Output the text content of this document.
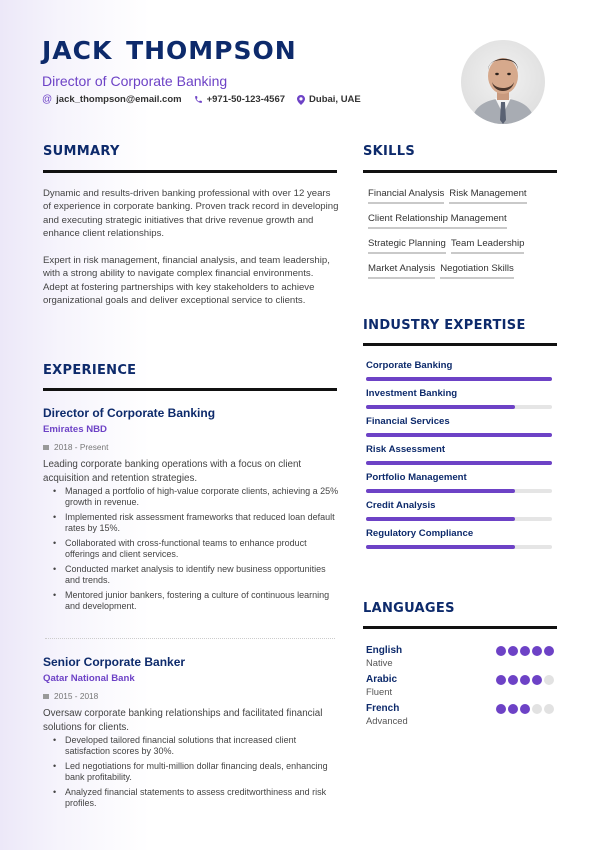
JACK THOMPSON
Director of Corporate Banking
@ jack_thompson@email.com	+971-50-123-4567	Dubai, UAE
SUMMARY
Dynamic and results-driven banking professional with over 12 years of experience in corporate banking. Proven track record in developing and executing strategic initiatives that drive revenue growth and enhance client relationships.
Expert in risk management, financial analysis, and team leadership, with a strong ability to navigate complex financial environments. Adept at fostering partnerships with key stakeholders to achieve organizational goals and deliver exceptional service to clients.
EXPERIENCE
Director of Corporate Banking
Emirates NBD
2018 - Present
Leading corporate banking operations with a focus on client acquisition and retention strategies.
• Managed a portfolio of high-value corporate clients, achieving a 25% growth in revenue.
• Implemented risk assessment frameworks that reduced loan default rates by 15%.
• Collaborated with cross-functional teams to enhance product offerings and client services.
• Conducted market analysis to identify new business opportunities and trends.
• Mentored junior bankers, fostering a culture of continuous learning and development.
Senior Corporate Banker
Qatar National Bank
2015 - 2018
Oversaw corporate banking relationships and facilitated financial solutions for clients.
• Developed tailored financial solutions that increased client satisfaction scores by 30%.
• Led negotiations for multi-million dollar financing deals, enhancing bank profitability.
• Analyzed financial statements to assess creditworthiness and risk profiles.
SKILLS
Financial Analysis Risk Management
Client Relationship Management
Strategic Planning Team Leadership
Market Analysis Negotiation Skills
INDUSTRY EXPERTISE
Corporate Banking
Investment Banking
Financial Services
Risk Assessment
Portfolio Management
Credit Analysis
Regulatory Compliance
LANGUAGES
English
Native
Arabic
Fluent
French
Advanced
